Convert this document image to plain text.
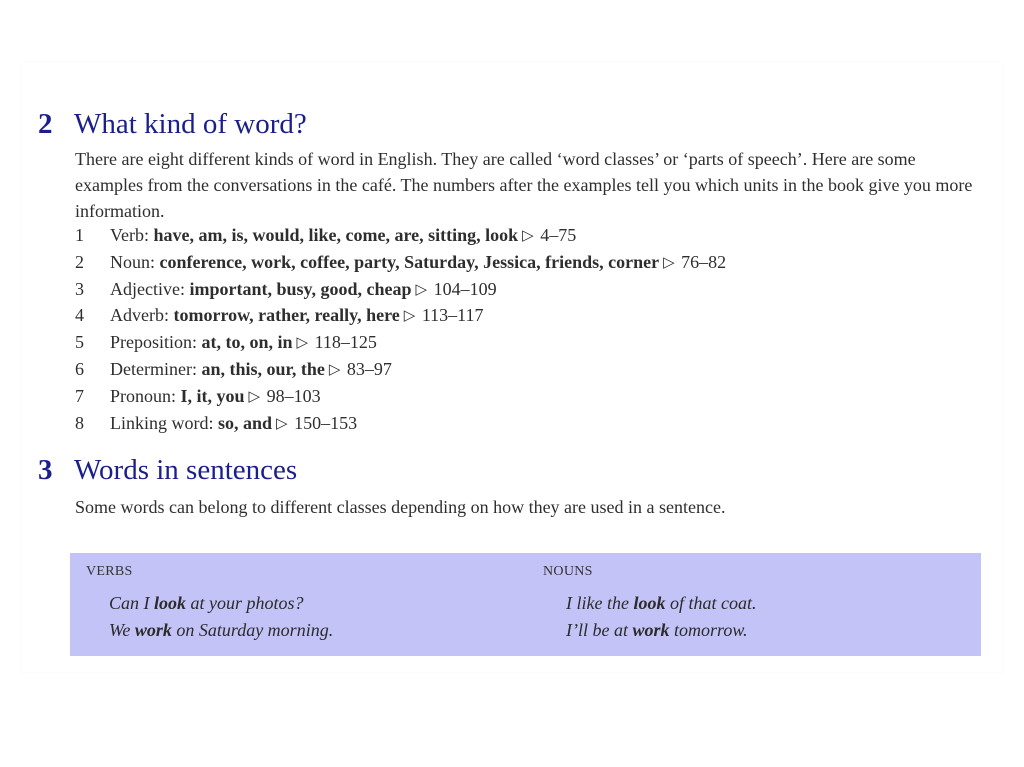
2 What kind of word?

There are eight different kinds of word in English. They are called ‘word classes’ or ‘parts of speech’. Here are some examples from the conversations in the café. The numbers after the examples tell you which units in the book give you more information.

1 Verb: have, am, is, would, like, come, are, sitting, look ▷ 4–75
2 Noun: conference, work, coffee, party, Saturday, Jessica, friends, corner ▷ 76–82
3 Adjective: important, busy, good, cheap ▷ 104–109
4 Adverb: tomorrow, rather, really, here ▷ 113–117
5 Preposition: at, to, on, in ▷ 118–125
6 Determiner: an, this, our, the ▷ 83–97
7 Pronoun: I, it, you ▷ 98–103
8 Linking word: so, and ▷ 150–153
3 Words in sentences

Some words can belong to different classes depending on how they are used in a sentence.

VERBS
Can I look at your photos?
We work on Saturday morning.
NOUNS
I like the look of that coat.
I’ll be at work tomorrow.
